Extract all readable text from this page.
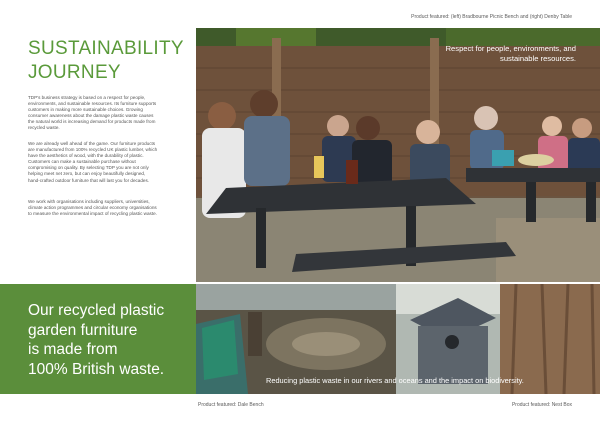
Product featured: (left) Bradbourne Picnic Bench and (right) Denby Table
SUSTAINABILITY
JOURNEY
TDP's business strategy is based on a respect for people, environments, and sustainable resources. Its furniture supports customers in making more sustainable choices. Growing consumer awareness about the damage plastic waste causes the natural world is increasing demand for products made from recycled waste.
We are already well ahead of the game. Our furniture products are manufactured from 100% recycled UK plastic lumber, which have the aesthetics of wood, with the durability of plastic. Customers can make a sustainable purchase without compromising on quality. By selecting TDP you are not only helping meet net zero, but can enjoy beautifully designed, hand-crafted outdoor furniture that will last you for decades.
We work with organisations including suppliers, universities, climate action programmes and circular economy organisations to measure the environmental impact of recycling plastic waste.
Respect for people, environments, and sustainable resources.
Our recycled plastic
garden furniture
is made from
100% British waste.
Reducing plastic waste in our rivers and oceans and the impact on biodiversity.
Product featured: Dale Bench	Product featured: Nest Box
